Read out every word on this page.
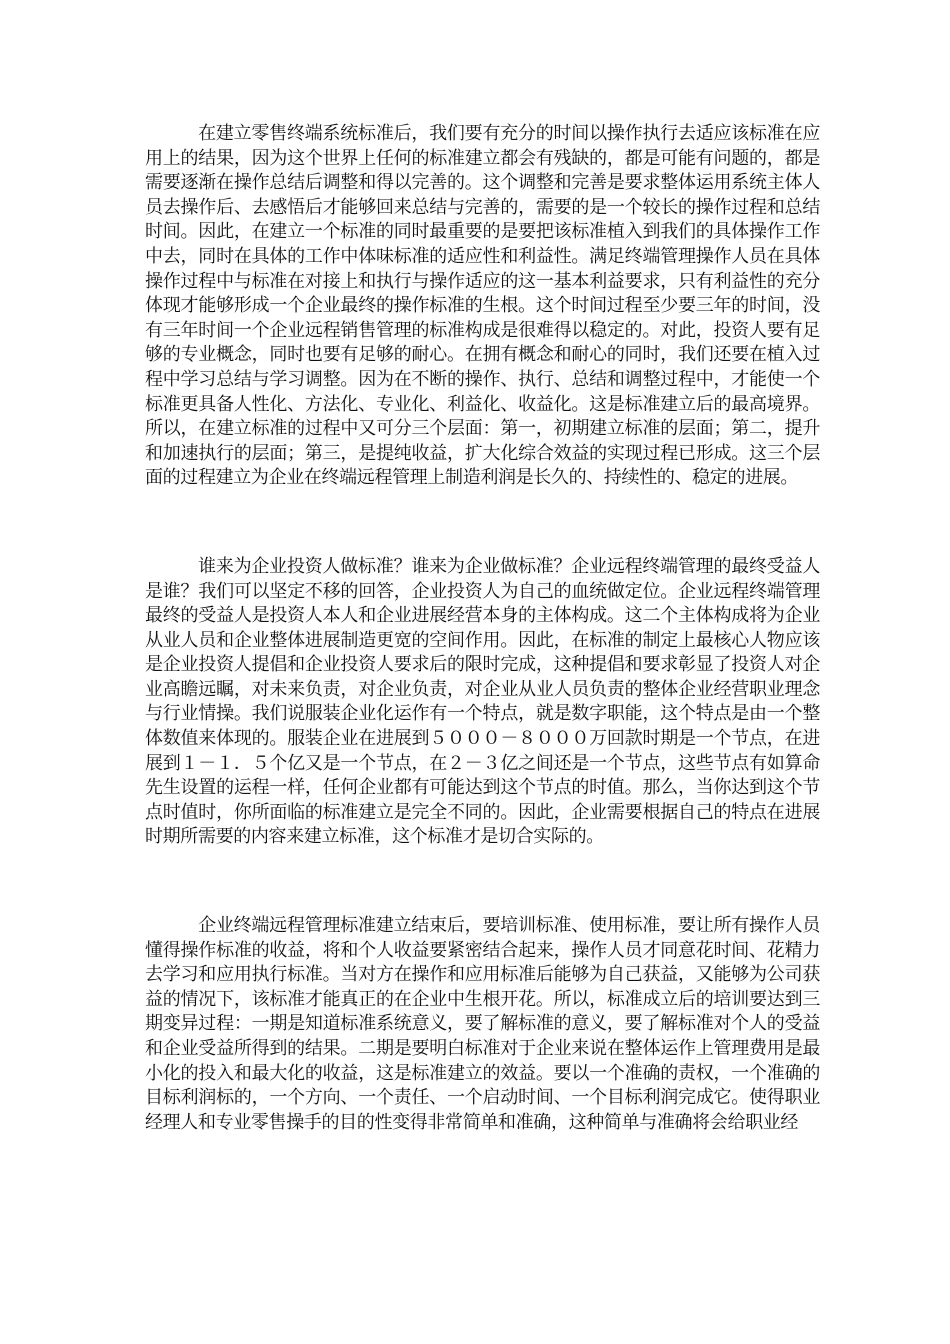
在建立零售终端系统标准后，我们要有充分的时间以操作执行去适应该标准在应用上的结果，因为这个世界上任何的标准建立都会有残缺的，都是可能有问题的，都是需要逐渐在操作总结后调整和得以完善的。这个调整和完善是要求整体运用系统主体人员去操作后、去感悟后才能够回来总结与完善的，需要的是一个较长的操作过程和总结时间。因此，在建立一个标准的同时最重要的是要把该标准植入到我们的具体操作工作中去，同时在具体的工作中体味标准的适应性和利益性。满足终端管理操作人员在具体操作过程中与标准在对接上和执行与操作适应的这一基本利益要求，只有利益性的充分体现才能够形成一个企业最终的操作标准的生根。这个时间过程至少要三年的时间，没有三年时间一个企业远程销售管理的标准构成是很难得以稳定的。对此，投资人要有足够的专业概念，同时也要有足够的耐心。在拥有概念和耐心的同时，我们还要在植入过程中学习总结与学习调整。因为在不断的操作、执行、总结和调整过程中，才能使一个标准更具备人性化、方法化、专业化、利益化、收益化。这是标准建立后的最高境界。所以，在建立标准的过程中又可分三个层面：第一，初期建立标准的层面；第二，提升和加速执行的层面；第三，是提纯收益，扩大化综合效益的实现过程已形成。这三个层面的过程建立为企业在终端远程管理上制造利润是长久的、持续性的、稳定的进展。

谁来为企业投资人做标准？谁来为企业做标准？企业远程终端管理的最终受益人是谁？我们可以坚定不移的回答，企业投资人为自己的血统做定位。企业远程终端管理最终的受益人是投资人本人和企业进展经营本身的主体构成。这二个主体构成将为企业从业人员和企业整体进展制造更宽的空间作用。因此，在标准的制定上最核心人物应该是企业投资人提倡和企业投资人要求后的限时完成，这种提倡和要求彰显了投资人对企业高瞻远瞩，对未来负责，对企业负责，对企业从业人员负责的整体企业经营职业理念与行业情操。我们说服装企业化运作有一个特点，就是数字职能，这个特点是由一个整体数值来体现的。服装企业在进展到５０００－８０００万回款时期是一个节点，在进展到１－１．５个亿又是一个节点，在２－３亿之间还是一个节点，这些节点有如算命先生设置的运程一样，任何企业都有可能达到这个节点的时值。那么，当你达到这个节点时值时，你所面临的标准建立是完全不同的。因此，企业需要根据自己的特点在进展时期所需要的内容来建立标准，这个标准才是切合实际的。

企业终端远程管理标准建立结束后，要培训标准、使用标准，要让所有操作人员懂得操作标准的收益，将和个人收益要紧密结合起来，操作人员才同意花时间、花精力去学习和应用执行标准。当对方在操作和应用标准后能够为自己获益，又能够为公司获益的情况下，该标准才能真正的在企业中生根开花。所以，标准成立后的培训要达到三期变异过程：一期是知道标准系统意义，要了解标准的意义，要了解标准对个人的受益和企业受益所得到的结果。二期是要明白标准对于企业来说在整体运作上管理费用是最小化的投入和最大化的收益，这是标准建立的效益。要以一个准确的责权，一个准确的目标利润标的，一个方向、一个责任、一个启动时间、一个目标利润完成它。使得职业经理人和专业零售操手的目的性变得非常简单和准确，这种简单与准确将会给职业经
